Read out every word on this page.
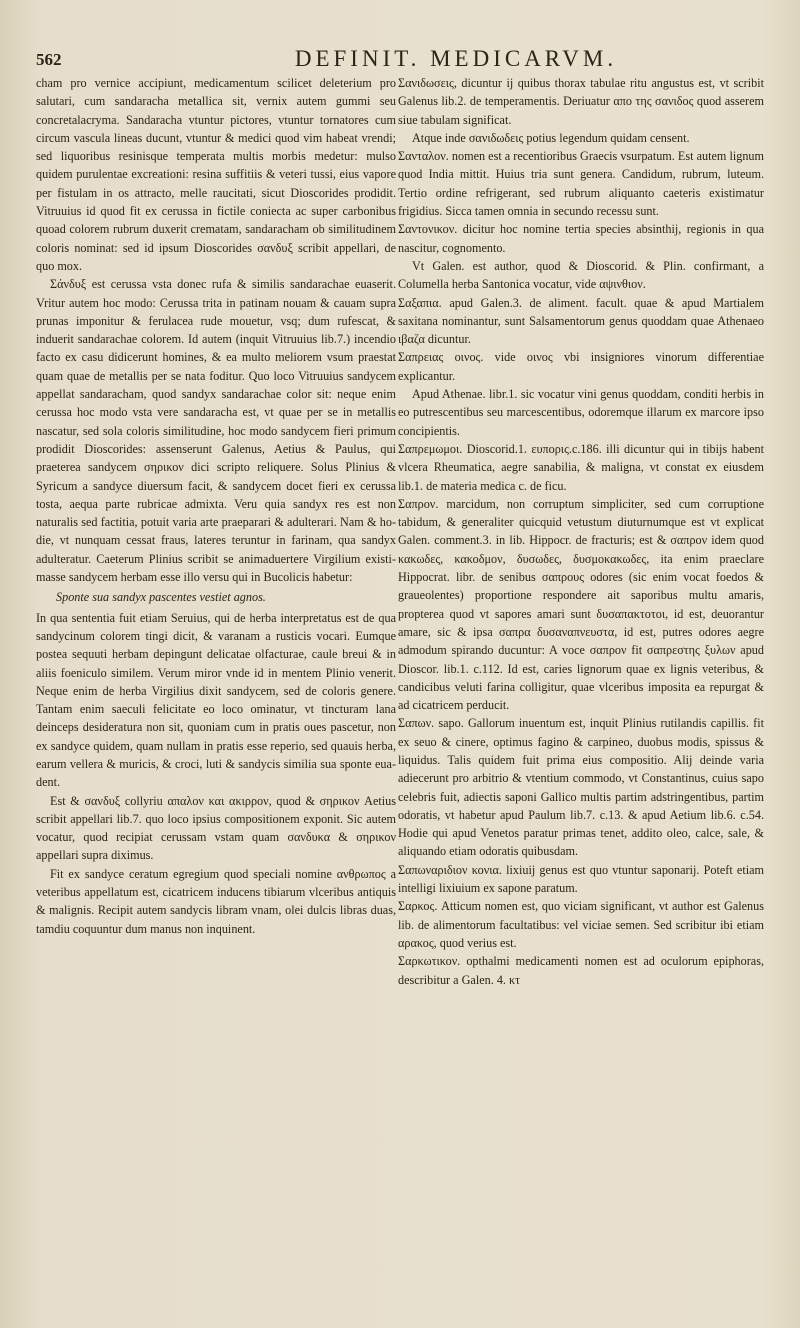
562	DEFINIT. MEDICARVM.

cham pro vernice accipiunt, medicamentum scilicet deleterium pro salutari, cum sandaracha metallica sit, vernix autem gummi seu concretalacryma. Sandaracha vtuntur pictores, vtuntur tornatores cum circum vascula lineas ducunt, vtuntur & medici quod vim habeat vrendi; sed liquoribus resinisque temperata multis morbis medetur: mulso quidem purulentae excreationi: resina suffitiis & veteri tussi, eius vapore per fistulam in os attracto, melle raucitati, sicut Dioscorides prodidit. Vitruuius id quod fit ex cerussa in fictile coniecta ac super carbonibus quoad colorem rubrum duxerit crematam, sandaracham ob similitudinem coloris nominat: sed id ipsum Dioscorides σανδυξ scribit appellari, de quo mox.

Σάνδυξ est cerussa vsta donec rufa & similis sandarachae euaserit. Vritur autem hoc modo: Cerussa trita in patinam nouam & cauam supra prunas imponitur & ferulacea rude mouetur, vsq; dum rufescat, & induerit sandarachae colorem. Id autem (inquit Vitruuius lib.7.) incendio facto ex casu didicerunt homines, & ea multo meliorem vsum praestat quam quae de metallis per se nata foditur. Quo loco Vitruuius sandycem appellat sandaracham, quod sandyx sandarachae color sit: neque enim cerussa hoc modo vsta vere sandaracha est, vt quae per se in metallis nascatur, sed sola coloris similitudine, hoc modo sandycem fieri primum prodidit Dioscorides: assenserunt Galenus, Aetius & Paulus, qui praeterea sandycem σηρικον dici scripto reliquere. Solus Plinius & Syricum a sandyce diuersum facit, & sandycem docet fieri ex cerussa tosta, aequa parte rubricae admixta. Veru quia sandyx res est non naturalis sed factitia, potuit varia arte praeparari & adulterari. Nam & hodie, vt nunquam cessat fraus, lateres teruntur in farinam, qua sandyx adulteratur. Caeterum Plinius scribit se animaduertere Virgilium existimasse sandycem herbam esse illo versu qui in Bucolicis habetur:

Sponte sua sandyx pascentes vestiet agnos.

In qua sententia fuit etiam Seruius, qui de herba interpretatus est de qua sandycinum colorem tingi dicit, & varanam a rusticis vocari. Eumque postea sequuti herbam depingunt delicatae olfacturae, caule breui & in aliis foeniculo similem. Verum miror vnde id in mentem Plinio venerit. Neque enim de herba Virgilius dixit sandycem, sed de coloris genere. Tantam enim saeculi felicitate eo loco ominatur, vt tincturam lana deinceps desideratura non sit, quoniam cum in pratis oues pascetur, non ex sandyce quidem, quam nullam in pratis esse reperio, sed quauis herba, earum vellera & muricis, & croci, luti & sandycis similia sua sponte euadent.

Est & σανδυξ collyriu απαλον και ακιρρον, quod & σηρικον Aetius scribit appellari lib.7. quo loco ipsius compositionem exponit. Sic autem vocatur, quod recipiat cerussam vstam quam σανδυκα & σηρικον appellari supra diximus.

Fit ex sandyce ceratum egregium quod speciali nomine ανθρωπος a veteribus appellatum est, cicatricem inducens tibiarum vlceribus antiquis & malignis. Recipit autem sandycis libram vnam, olei dulcis libras duas, tamdiu coquuntur dum manus non inquinent.

Σανιδωσεις, dicuntur ij quibus thorax tabulae ritu angustus est, vt scribit Galenus lib.2. de temperamentis. Deriuatur απο της σανιδος quod asserem siue tabulam significat.

Atque inde σανιδωδεις potius legendum quidam censent.

Σανταλον. nomen est a recentioribus Graecis vsurpatum. Est autem lignum quod India mittit. Huius tria sunt genera. Candidum, rubrum, luteum. Tertio ordine refrigerant, sed rubrum aliquanto caeteris existimatur frigidius. Sicca tamen omnia in secundo recessu sunt.

Σαντονικον. dicitur hoc nomine tertia species absinthij, regionis in qua nascitur, cognomento.

Vt Galen. est author, quod & Dioscorid. & Plin. confirmant, a Columella herba Santonica vocatur, vide αψινθιον.

Σαξαπια. apud Galen.3. de aliment. facult. quae & apud Martialem saxitana nominantur, sunt Salsamentorum genus quoddam quae Athenaeo ιβαζα dicuntur.

Σαπρειας οινος. vide οινος vbi insigniores vinorum differentiae explicantur.

Apud Athenae. libr.1. sic vocatur vini genus quoddam, conditi herbis in eo putrescentibus seu marcescentibus, odoremque illarum ex marcore ipso concipientis.

Σαπρεμωμοι. Dioscorid.1. ευπορις.c.186. illi dicuntur qui in tibijs habent vlcera Rheumatica, aegre sanabilia, & maligna, vt constat ex eiusdem lib.1. de materia medica c. de ficu.

Σαπρον. marcidum, non corruptum simpliciter, sed cum corruptione tabidum, & generaliter quicquid vetustum diuturnumque est vt explicat Galen. comment.3. in lib. Hippocr. de fracturis; est & σαπρον idem quod κακωδες, κακοδμον, δυσωδες, δυσμοκακωδες, ita enim praeclare Hippocrat. libr. de senibus σαπρους odores (sic enim vocat foedos & graueolentes) proportione respondere ait saporibus multu amaris, propterea quod vt sapores amari sunt δυσαπακτοτοι, id est, deuorantur amare, sic & ipsa σαπρα δυσαναπνευστα, id est, putres odores aegre admodum spirando ducuntur: A voce σαπρον fit σαπρεστης ξυλων apud Dioscor. lib.1. c.112. Id est, caries lignorum quae ex lignis veteribus, & candicibus veluti farina colligitur, quae vlceribus imposita ea repurgat & ad cicatricem perducit.

Σαπων. sapo. Gallorum inuentum est, inquit Plinius rutilandis capillis. fit ex seuo & cinere, optimus fagino & carpineo, duobus modis, spissus & liquidus. Talis quidem fuit prima eius compositio. Alij deinde varia adiecerunt pro arbitrio & vtentium commodo, vt Constantinus, cuius sapo celebris fuit, adiectis saponi Gallico multis partim adstringentibus, partim odoratis, vt habetur apud Paulum lib.7. c.13. & apud Aetium lib.6. c.54. Hodie qui apud Venetos paratur primas tenet, addito oleo, calce, sale, & aliquando etiam odoratis quibusdam.

Σαπωναριδιον κονια. lixiuij genus est quo vtuntur saponarij. Poteft etiam intelligi lixiuium ex sapone paratum.

Σαρκος. Atticum nomen est, quo viciam significant, vt author est Galenus lib. de alimentorum facultatibus: vel viciae semen. Sed scribitur ibi etiam αρακος, quod verius est.

Σαρκωτικον. opthalmi medicamenti nomen est ad oculorum epiphoras, describitur a Galen. 4. κτ
